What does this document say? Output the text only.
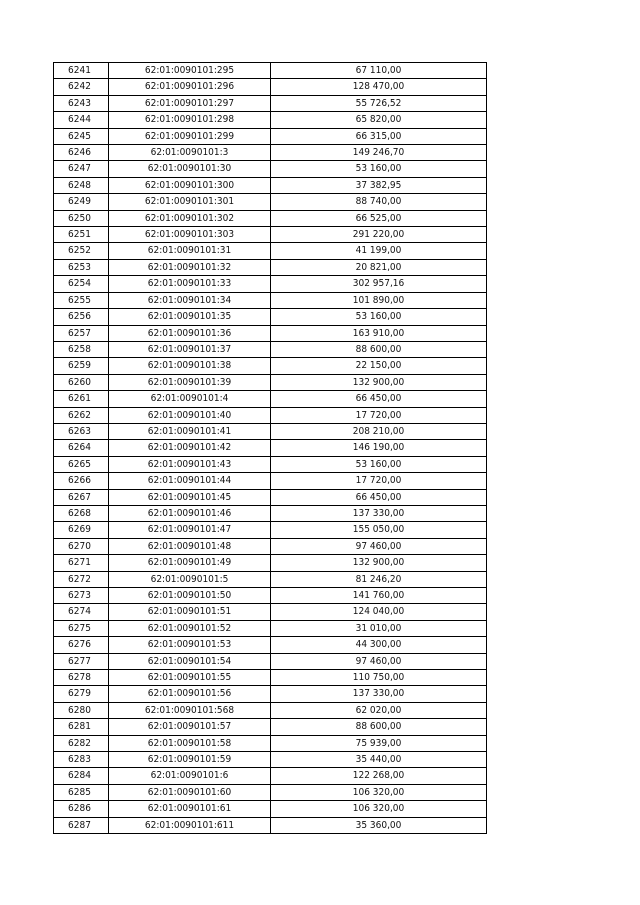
6241	62:01:0090101:295	67 110,00
6242	62:01:0090101:296	128 470,00
6243	62:01:0090101:297	55 726,52
6244	62:01:0090101:298	65 820,00
6245	62:01:0090101:299	66 315,00
6246	62:01:0090101:3	149 246,70
6247	62:01:0090101:30	53 160,00
6248	62:01:0090101:300	37 382,95
6249	62:01:0090101:301	88 740,00
6250	62:01:0090101:302	66 525,00
6251	62:01:0090101:303	291 220,00
6252	62:01:0090101:31	41 199,00
6253	62:01:0090101:32	20 821,00
6254	62:01:0090101:33	302 957,16
6255	62:01:0090101:34	101 890,00
6256	62:01:0090101:35	53 160,00
6257	62:01:0090101:36	163 910,00
6258	62:01:0090101:37	88 600,00
6259	62:01:0090101:38	22 150,00
6260	62:01:0090101:39	132 900,00
6261	62:01:0090101:4	66 450,00
6262	62:01:0090101:40	17 720,00
6263	62:01:0090101:41	208 210,00
6264	62:01:0090101:42	146 190,00
6265	62:01:0090101:43	53 160,00
6266	62:01:0090101:44	17 720,00
6267	62:01:0090101:45	66 450,00
6268	62:01:0090101:46	137 330,00
6269	62:01:0090101:47	155 050,00
6270	62:01:0090101:48	97 460,00
6271	62:01:0090101:49	132 900,00
6272	62:01:0090101:5	81 246,20
6273	62:01:0090101:50	141 760,00
6274	62:01:0090101:51	124 040,00
6275	62:01:0090101:52	31 010,00
6276	62:01:0090101:53	44 300,00
6277	62:01:0090101:54	97 460,00
6278	62:01:0090101:55	110 750,00
6279	62:01:0090101:56	137 330,00
6280	62:01:0090101:568	62 020,00
6281	62:01:0090101:57	88 600,00
6282	62:01:0090101:58	75 939,00
6283	62:01:0090101:59	35 440,00
6284	62:01:0090101:6	122 268,00
6285	62:01:0090101:60	106 320,00
6286	62:01:0090101:61	106 320,00
6287	62:01:0090101:611	35 360,00
